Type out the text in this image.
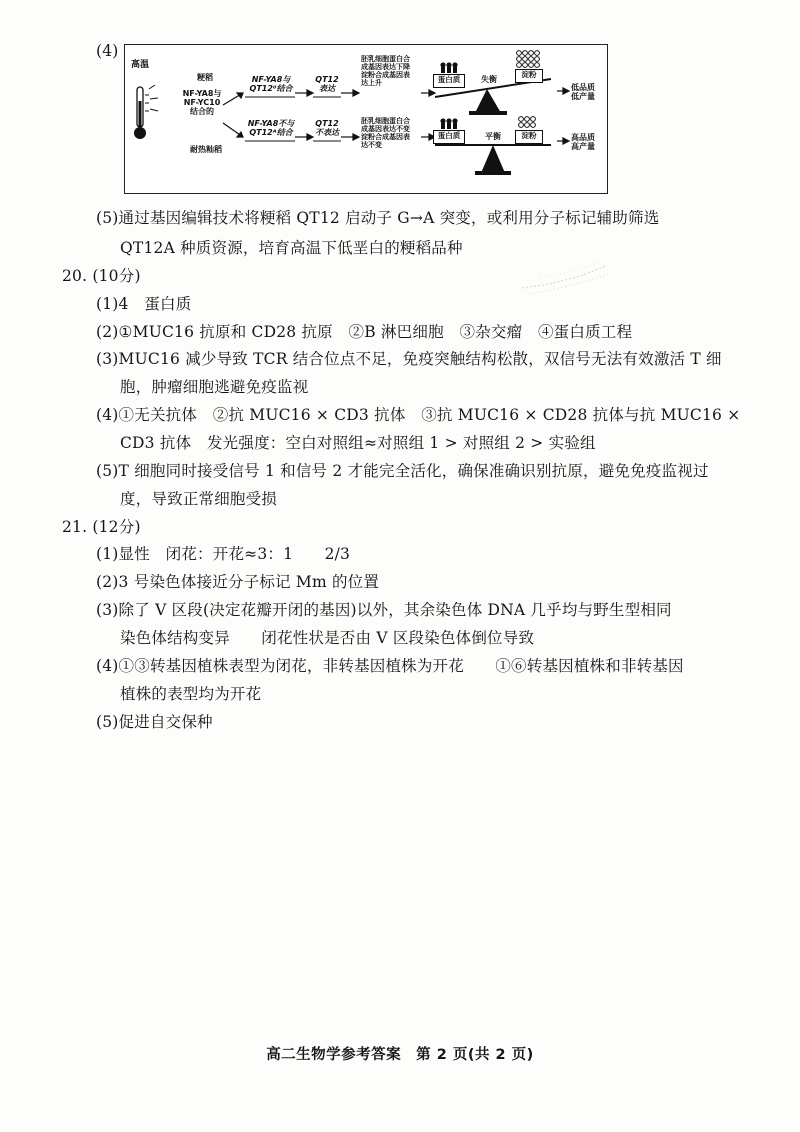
(4)
高温
粳稻
NF-YA8与
NF-YC10
结合的
耐热籼稻
NF-YA8与
QT12⁰结合
QT12
表达
胚乳细胞蛋白合
成基因表达下降
淀粉合成基因表
达上升
NF-YA8不与
QT12ᴬ结合
QT12
不表达
胚乳细胞蛋白合
成基因表达不变
淀粉合成基因表
达不变
蛋白质
淀粉
失衡
蛋白质	淀粉
平衡
低品质
低产量
高品质
高产量
(5)通过基因编辑技术将粳稻 QT12 启动子 G→A 突变，或利用分子标记辅助筛选
QT12A 种质资源，培育高温下低垩白的粳稻品种
20. (10分)
(1)4　蛋白质
(2)①MUC16 抗原和 CD28 抗原　②B 淋巴细胞　③杂交瘤　④蛋白质工程
(3)MUC16 减少导致 TCR 结合位点不足，免疫突触结构松散，双信号无法有效激活 T 细
胞，肿瘤细胞逃避免疫监视
(4)①无关抗体　②抗 MUC16 × CD3 抗体　③抗 MUC16 × CD28 抗体与抗 MUC16 ×
CD3 抗体　发光强度：空白对照组≈对照组 1 > 对照组 2 > 实验组
(5)T 细胞同时接受信号 1 和信号 2 才能完全活化，确保准确识别抗原，避免免疫监视过
度，导致正常细胞受损
21. (12分)
(1)显性　闭花：开花≈3：1　　2/3
(2)3 号染色体接近分子标记 Mm 的位置
(3)除了 V 区段(决定花瓣开闭的基因)以外，其余染色体 DNA 几乎均与野生型相同
染色体结构变异　　闭花性状是否由 V 区段染色体倒位导致
(4)①③转基因植株表型为闭花，非转基因植株为开花　　①⑥转基因植株和非转基因
植株的表型均为开花
(5)促进自交保种
高二生物学参考答案　第 2 页(共 2 页)
